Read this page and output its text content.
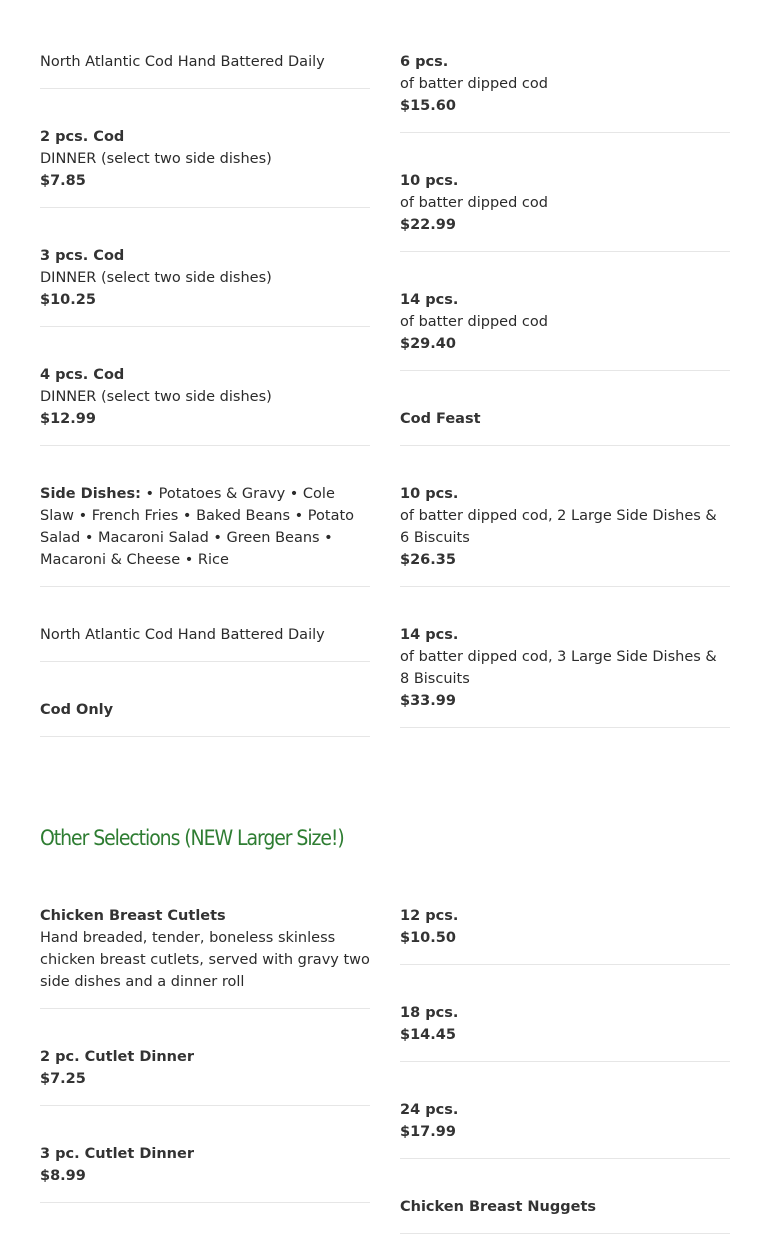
North Atlantic Cod Hand Battered Daily
2 pcs. Cod
DINNER (select two side dishes)
$7.85
3 pcs. Cod
DINNER (select two side dishes)
$10.25
4 pcs. Cod
DINNER (select two side dishes)
$12.99
Side Dishes: • Potatoes & Gravy • Cole Slaw • French Fries • Baked Beans • Potato Salad • Macaroni Salad • Green Beans • Macaroni & Cheese • Rice
North Atlantic Cod Hand Battered Daily
Cod Only
6 pcs.
of batter dipped cod
$15.60
10 pcs.
of batter dipped cod
$22.99
14 pcs.
of batter dipped cod
$29.40
Cod Feast
10 pcs.
of batter dipped cod, 2 Large Side Dishes & 6 Biscuits
$26.35
14 pcs.
of batter dipped cod, 3 Large Side Dishes & 8 Biscuits
$33.99
Other Selections (NEW Larger Size!)
Chicken Breast Cutlets
Hand breaded, tender, boneless skinless chicken breast cutlets, served with gravy two side dishes and a dinner roll
2 pc. Cutlet Dinner
$7.25
3 pc. Cutlet Dinner
$8.99
12 pcs.
$10.50
18 pcs.
$14.45
24 pcs.
$17.99
Chicken Breast Nuggets
